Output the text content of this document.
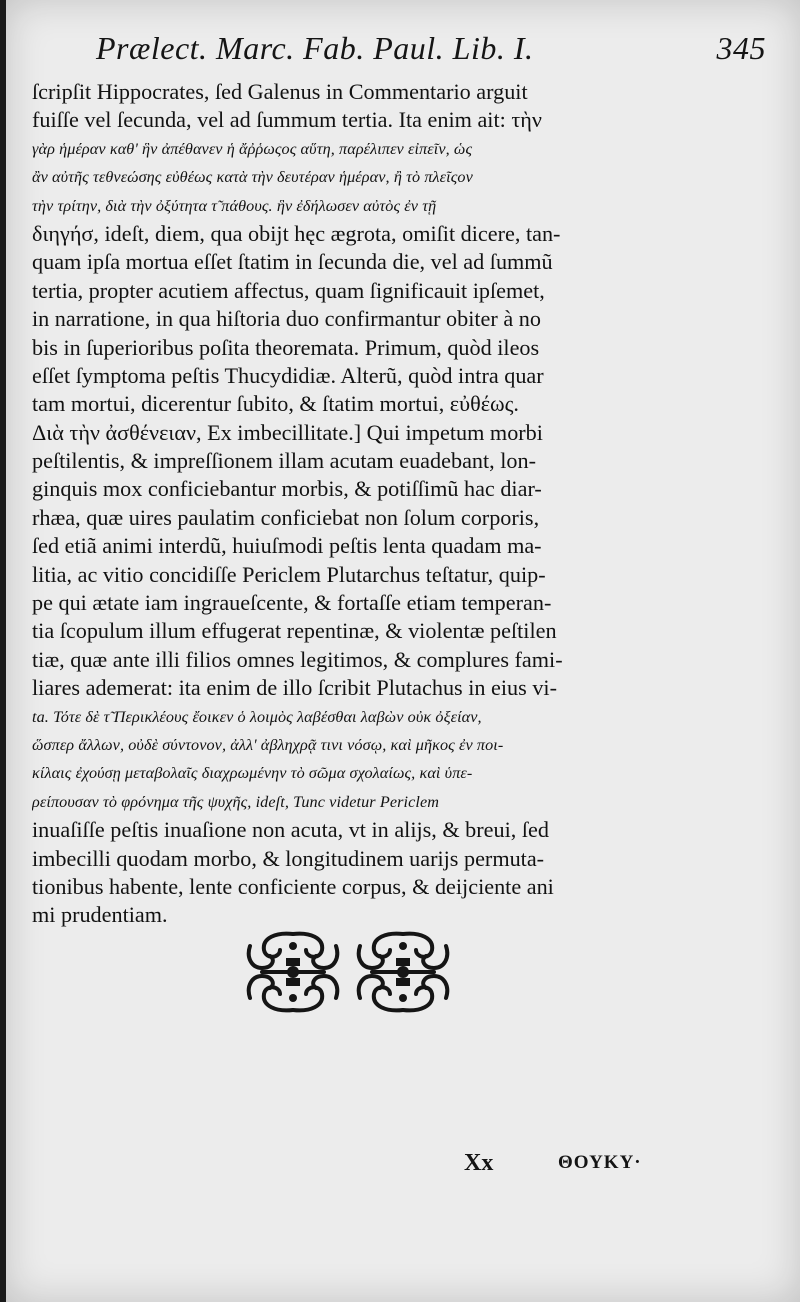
Prælect. Marc. Fab. Paul. Lib. I.	345
ſcripſit Hippocrates, ſed Galenus in Commentario arguit
fuiſſe vel ſecunda, vel ad ſummum tertia. Ita enim ait: τὴν
γὰρ ἡμέραν καθ' ἣν ἀπέθανεν ἡ ἄῤῥωςος αὕτη, παρέλιπεν εἰπεῖν, ὡς
ἂν αὐτῆς τεθνεώσης εὐθέως κατὰ τὴν δευτέραν ἡμέραν, ἢ τὸ πλεῖςον
τὴν τρίτην, διὰ τὴν ὀξύτητα τ̃ πάθους. ἣν ἐδήλωσεν αὐτὸς ἐν τῇ
διηγήσ, ideſt, diem, qua obijt hęc ægrota, omiſit dicere, tan-
quam ipſa mortua eſſet ſtatim in ſecunda die, vel ad ſummũ
tertia, propter acutiem affectus, quam ſignificauit ipſemet,
in narratione, in qua hiſtoria duo confirmantur obiter à no
bis in ſuperioribus poſita theoremata. Primum, quòd ileos
eſſet ſymptoma peſtis Thucydidiæ. Alterũ, quòd intra quar
tam mortui, dicerentur ſubito, & ſtatim mortui, εὐθέως.
Διὰ τὴν ἀσθένειαν, Ex imbecillitate.] Qui impetum morbi
peſtilentis, & impreſſionem illam acutam euadebant, lon-
ginquis mox conficiebantur morbis, & potiſſimũ hac diar-
rhæa, quæ uires paulatim conficiebat non ſolum corporis,
ſed etiã animi interdũ, huiuſmodi peſtis lenta quadam ma-
litia, ac vitio concidiſſe Periclem Plutarchus teſtatur, quip-
pe qui ætate iam ingraueſcente, & fortaſſe etiam temperan-
tia ſcopulum illum effugerat repentinæ, & violentæ peſtilen
tiæ, quæ ante illi filios omnes legitimos, & complures fami-
liares ademerat: ita enim de illo ſcribit Plutachus in eius vi-
ta. Τότε δὲ τ̃ Περικλέους ἔοικεν ὁ λοιμὸς λαβέσθαι λαβὼν οὐκ ὀξείαν,
ὥσπερ ἄλλων, οὐδὲ σύντονον, ἀλλ' ἀβληχρᾷ τινι νόσῳ, καὶ μῆκος ἐν ποι-
κίλαις ἐχούσῃ μεταβολαῖς διαχρωμένην τὸ σῶμα σχολαίως, καὶ ὑπε-
ρείπουσαν τὸ φρόνημα τῆς ψυχῆς, ideſt, Tunc videtur Periclem
inuaſiſſe peſtis inuaſione non acuta, vt in alijs, & breui, ſed
imbecilli quodam morbo, & longitudinem uarijs permuta-
tionibus habente, lente conficiente corpus, & deijciente ani
mi prudentiam.
Xx	ΘΟΥΚΥ·
